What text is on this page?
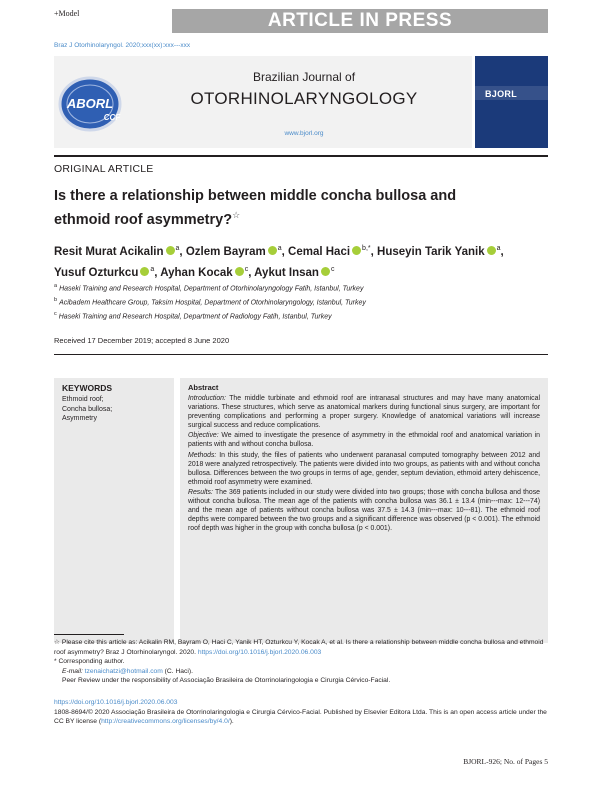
+Model	ARTICLE IN PRESS
Braz J Otorhinolaryngol. 2020;xxx(xx):xxx---xxx
ABORL
CCF
Brazilian Journal of
OTORHINOLARYNGOLOGY
www.bjorl.org
BJORL
ORIGINAL ARTICLE
Is there a relationship between middle concha bullosa and ethmoid roof asymmetry?☆
Resit Murat Acikalin $^a$, Ozlem Bayram $^a$, Cemal Haci $^{b,*}$, Huseyin Tarik Yanik $^a$,
Yusuf Ozturkcu $^a$, Ayhan Kocak $^c$, Aykut Insan $^c$
$^a$ Haseki Training and Research Hospital, Department of Otorhinolaryngology Fatih, Istanbul, Turkey
$^b$ Acibadem Healthcare Group, Taksim Hospital, Department of Otorhinolaryngology, Istanbul, Turkey
$^c$ Haseki Training and Research Hospital, Department of Radiology Fatih, Istanbul, Turkey
Received 17 December 2019; accepted 8 June 2020
KEYWORDS
Ethmoid roof;
Concha bullosa;
Asymmetry
Abstract

Introduction: The middle turbinate and ethmoid roof are intranasal structures and may have many anatomical variations. These structures, which serve as anatomical markers during functional sinus surgery, are important for preventing complications and performing a proper surgery. Knowledge of anatomical variations will increase surgical success and reduce complications.

Objective: We aimed to investigate the presence of asymmetry in the ethmoidal roof and anatomical variation in patients with and without concha bullosa.

Methods: In this study, the files of patients who underwent paranasal computed tomography between 2012 and 2018 were analyzed retrospectively. The patients were divided into two groups, as patients with and without concha bullosa. Differences between the two groups in terms of age, gender, septum deviation, ethmoid artery dehiscence, ethmoid roof asymmetry were examined.

Results: The 369 patients included in our study were divided into two groups; those with concha bullosa and those without concha bullosa. The mean age of the patients with concha bullosa was 36.1 ± 13.4 (min---max: 12---74) and the mean age of patients without concha bullosa was 37.5 ± 14.3 (min---max: 10---81). The ethmoid roof depths were compared between the two groups and a significant difference was observed (p < 0.001). The ethmoid roof depth was higher in the group with concha bullosa (p < 0.001).

☆ Please cite this article as: Acikalin RM, Bayram O, Haci C, Yanik HT, Ozturkcu Y, Kocak A, et al. Is there a relationship between middle concha bullosa and ethmoid roof asymmetry? Braz J Otorhinolaryngol. 2020. https://doi.org/10.1016/j.bjorl.2020.06.003
* Corresponding author.
E-mail: tzenaichatzi@hotmail.com (C. Haci).
Peer Review under the responsibility of Associação Brasileira de Otorrinolaringologia e Cirurgia Cérvico-Facial.
https://doi.org/10.1016/j.bjorl.2020.06.003
1808-8694/© 2020 Associação Brasileira de Otorrinolaringologia e Cirurgia Cérvico-Facial. Published by Elsevier Editora Ltda. This is an open access article under the CC BY license (http://creativecommons.org/licenses/by/4.0/).
BJORL-926; No. of Pages 5
